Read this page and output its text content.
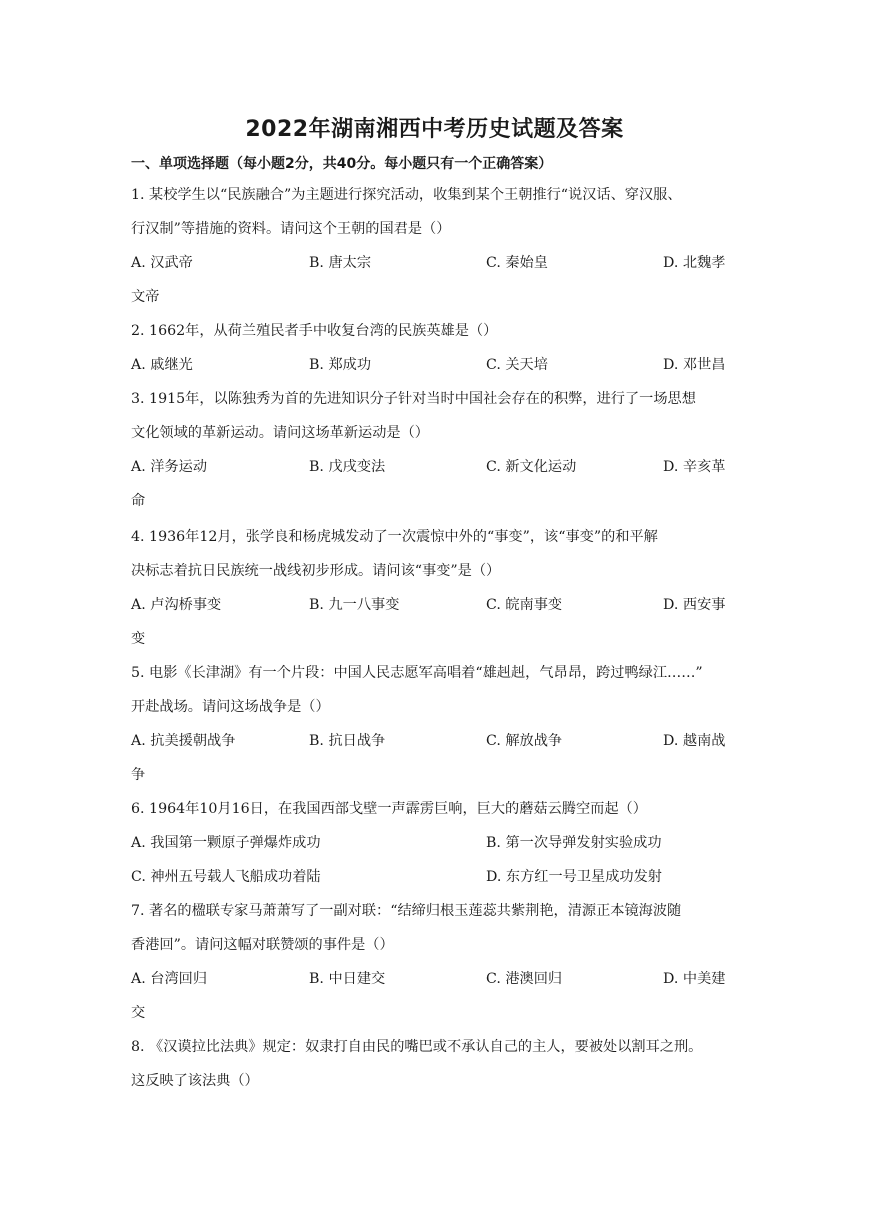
2022年湖南湘西中考历史试题及答案
一、单项选择题（每小题2分，共40分。每小题只有一个正确答案）
1. 某校学生以“民族融合”为主题进行探究活动，收集到某个王朝推行“说汉话、穿汉服、
行汉制”等措施的资料。请问这个王朝的国君是（）
A. 汉武帝	B. 唐太宗	C. 秦始皇	D. 北魏孝
文帝
2. 1662年，从荷兰殖民者手中收复台湾的民族英雄是（）
A. 戚继光	B. 郑成功	C. 关天培	D. 邓世昌
3. 1915年，以陈独秀为首的先进知识分子针对当时中国社会存在的积弊，进行了一场思想
文化领域的革新运动。请问这场革新运动是（）
A. 洋务运动	B. 戊戌变法	C. 新文化运动	D. 辛亥革
命
4. 1936年12月，张学良和杨虎城发动了一次震惊中外的“事变”，该“事变”的和平解
决标志着抗日民族统一战线初步形成。请问该“事变”是（）
A. 卢沟桥事变	B. 九一八事变	C. 皖南事变	D. 西安事
变
5. 电影《长津湖》有一个片段：中国人民志愿军高唱着“雄赳赳，气昂昂，跨过鸭绿江……”
开赴战场。请问这场战争是（）
A. 抗美援朝战争	B. 抗日战争	C. 解放战争	D. 越南战
争
6. 1964年10月16日，在我国西部戈壁一声霹雳巨响，巨大的蘑菇云腾空而起（）
A. 我国第一颗原子弹爆炸成功	B. 第一次导弹发射实验成功
C. 神州五号载人飞船成功着陆	D. 东方红一号卫星成功发射
7. 著名的楹联专家马萧萧写了一副对联：“结缔归根玉莲蕊共紫荆艳，清源正本镜海波随
香港回”。请问这幅对联赞颂的事件是（）
A. 台湾回归	B. 中日建交	C. 港澳回归	D. 中美建
交
8. 《汉谟拉比法典》规定：奴隶打自由民的嘴巴或不承认自己的主人，要被处以割耳之刑。
这反映了该法典（）
